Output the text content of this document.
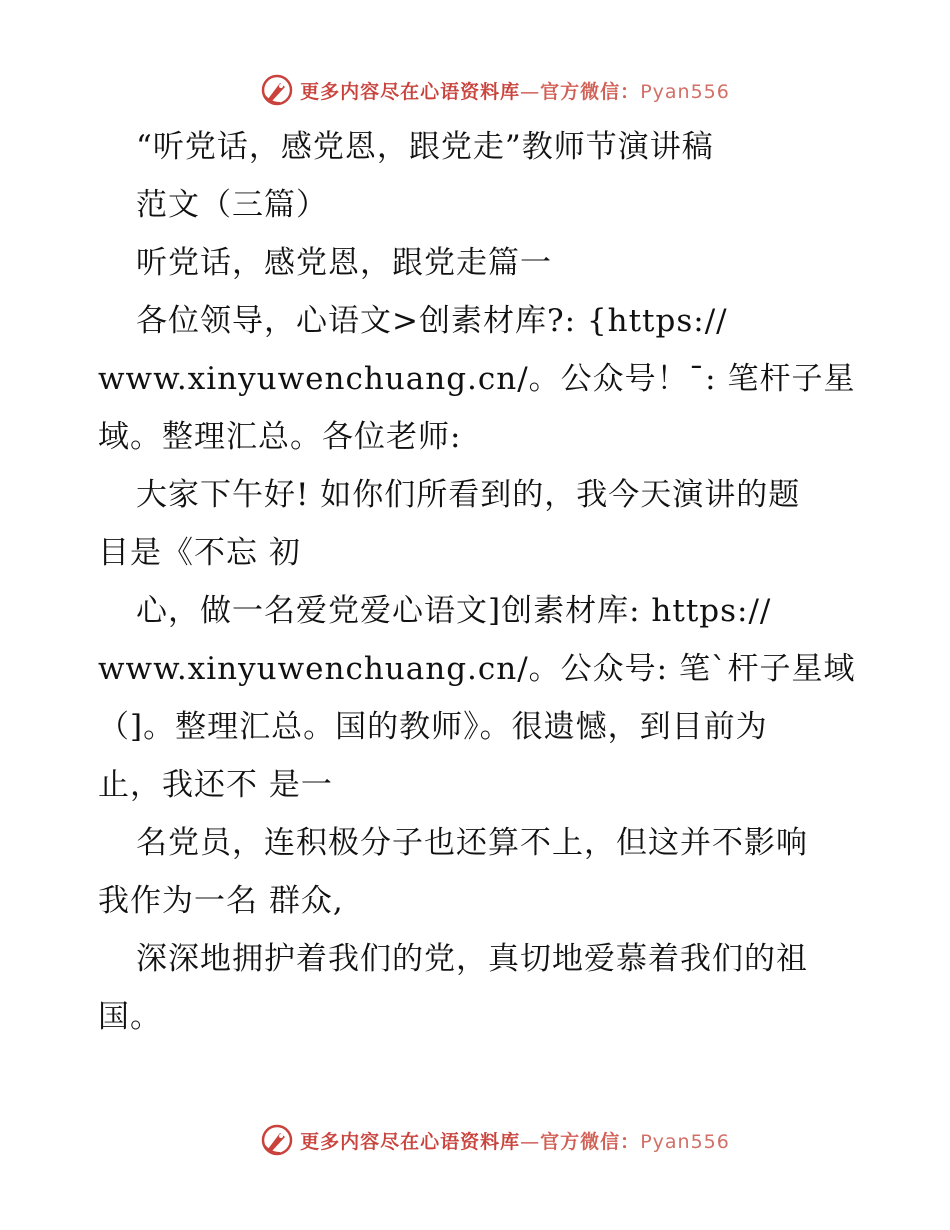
更多内容尽在心语资料库—官方微信：Pyan556
“听党话，感党恩，跟党走”教师节演讲稿
范文（三篇）
听党话，感党恩，跟党走篇一
各位领导，心语文>创素材库?: {https://
www.xinyuwenchuang.cn/。公众号！¯: 笔杆子星
域。整理汇总。各位老师:
大家下午好! 如你们所看到的，我今天演讲的题
目是《不忘 初
心，做一名爱党爱心语文]创素材库: https://
www.xinyuwenchuang.cn/。公众号: 笔`杆子星域
（]。整理汇总。国的教师》。很遗憾，到目前为
止，我还不 是一
名党员，连积极分子也还算不上，但这并不影响
我作为一名 群众,
深深地拥护着我们的党，真切地爱慕着我们的祖
国。
更多内容尽在心语资料库—官方微信：Pyan556
